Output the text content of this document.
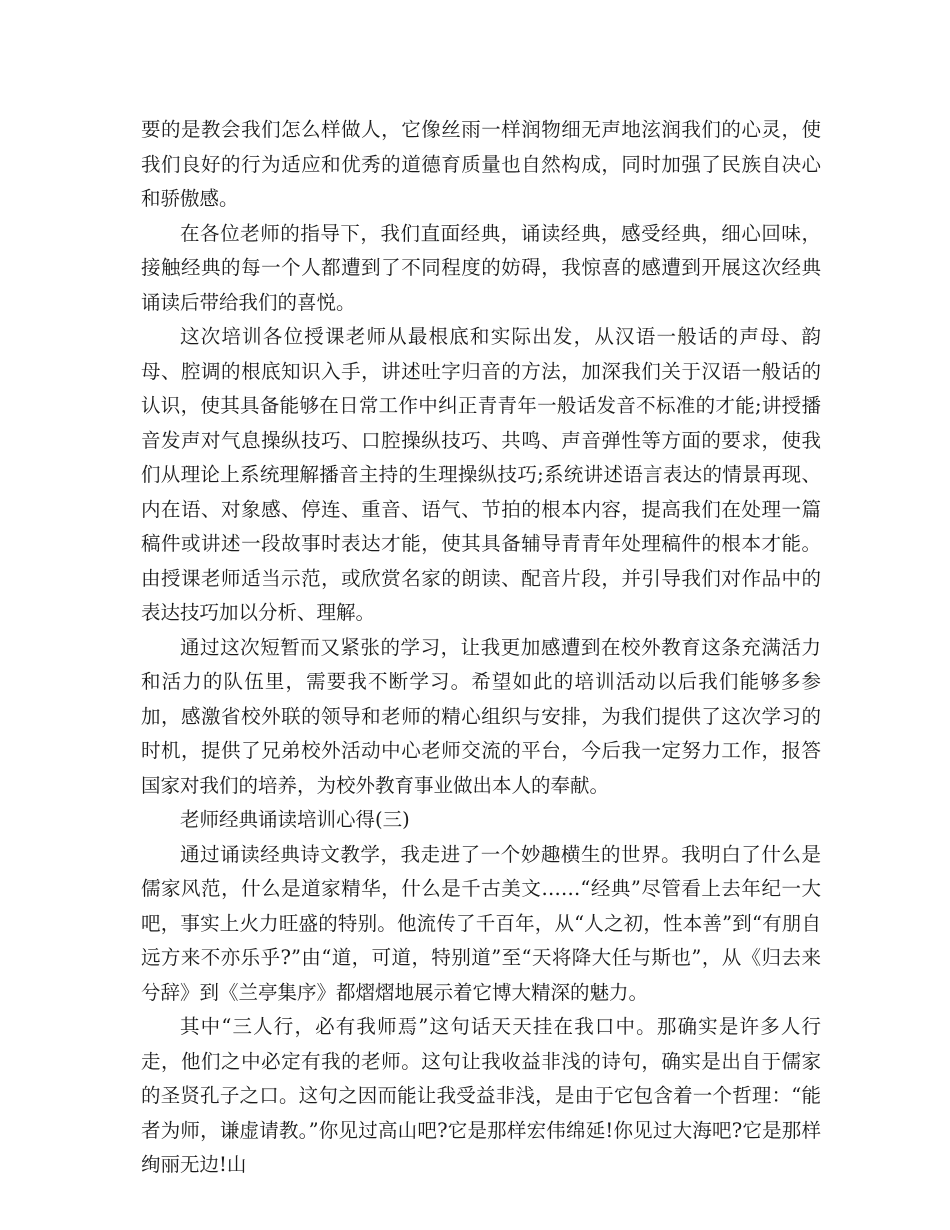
要的是教会我们怎么样做人，它像丝雨一样润物细无声地泫润我们的心灵，使我们良好的行为适应和优秀的道德育质量也自然构成，同时加强了民族自决心和骄傲感。

在各位老师的指导下，我们直面经典，诵读经典，感受经典，细心回味，接触经典的每一个人都遭到了不同程度的妨碍，我惊喜的感遭到开展这次经典诵读后带给我们的喜悦。

这次培训各位授课老师从最根底和实际出发，从汉语一般话的声母、韵母、腔调的根底知识入手，讲述吐字归音的方法，加深我们关于汉语一般话的认识，使其具备能够在日常工作中纠正青青年一般话发音不标准的才能;讲授播音发声对气息操纵技巧、口腔操纵技巧、共鸣、声音弹性等方面的要求，使我们从理论上系统理解播音主持的生理操纵技巧;系统讲述语言表达的情景再现、内在语、对象感、停连、重音、语气、节拍的根本内容，提高我们在处理一篇稿件或讲述一段故事时表达才能，使其具备辅导青青年处理稿件的根本才能。由授课老师适当示范，或欣赏名家的朗读、配音片段，并引导我们对作品中的表达技巧加以分析、理解。

通过这次短暂而又紧张的学习，让我更加感遭到在校外教育这条充满活力和活力的队伍里，需要我不断学习。希望如此的培训活动以后我们能够多参加，感激省校外联的领导和老师的精心组织与安排，为我们提供了这次学习的时机，提供了兄弟校外活动中心老师交流的平台，今后我一定努力工作，报答国家对我们的培养，为校外教育事业做出本人的奉献。

老师经典诵读培训心得(三)

通过诵读经典诗文教学，我走进了一个妙趣横生的世界。我明白了什么是儒家风范，什么是道家精华，什么是千古美文……“经典”尽管看上去年纪一大吧，事实上火力旺盛的特别。他流传了千百年，从“人之初，性本善”到“有朋自远方来不亦乐乎?”由“道，可道，特别道”至“天将降大任与斯也”，从《归去来兮辞》到《兰亭集序》都熠熠地展示着它博大精深的魅力。

其中“三人行，必有我师焉”这句话天天挂在我口中。那确实是许多人行走，他们之中必定有我的老师。这句让我收益非浅的诗句，确实是出自于儒家的圣贤孔子之口。这句之因而能让我受益非浅，是由于它包含着一个哲理：“能者为师，谦虚请教。”你见过高山吧?它是那样宏伟绵延!你见过大海吧?它是那样绚丽无边!山
